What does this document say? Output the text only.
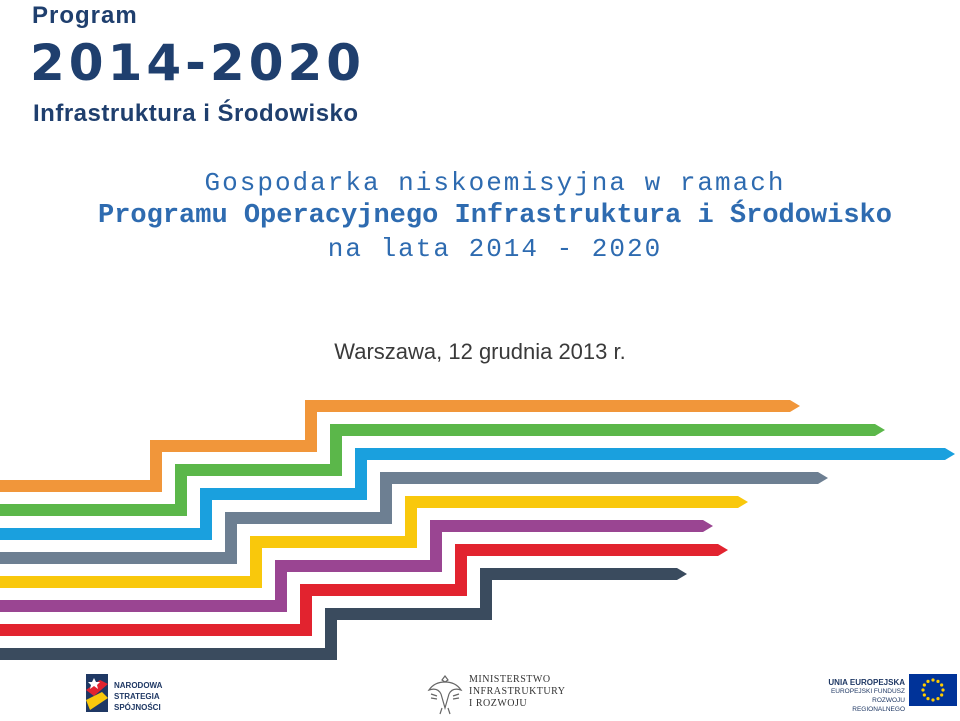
Program
2014-2020
Infrastruktura i Środowisko
Gospodarka niskoemisyjna w ramach
Programu Operacyjnego Infrastruktura i Środowisko
na lata 2014 - 2020
Warszawa, 12 grudnia 2013 r.
NARODOWA
STRATEGIA SPÓJNOŚCI
MINISTERSTWO
INFRASTRUKTURY
I ROZWOJU
UNIA EUROPEJSKA
EUROPEJSKI FUNDUSZ
ROZWOJU REGIONALNEGO
